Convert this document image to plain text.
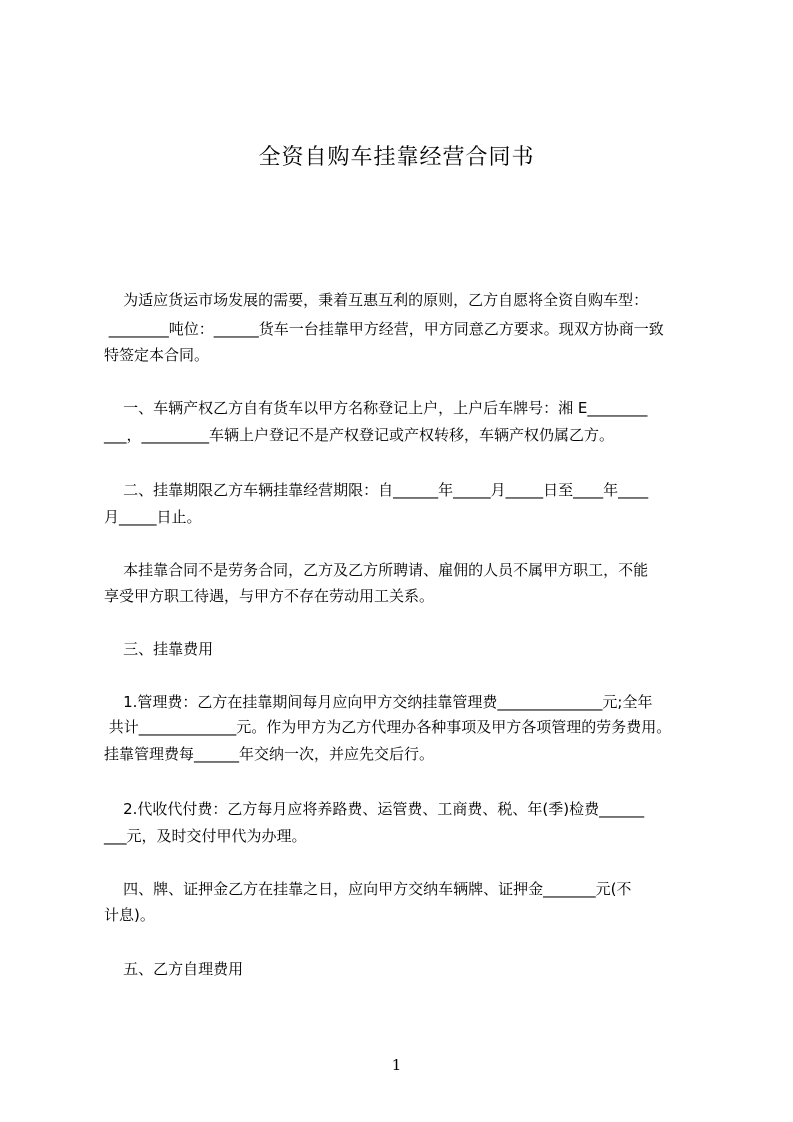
全资自购车挂靠经营合同书
为适应货运市场发展的需要，秉着互惠互利的原则，乙方自愿将全资自购车型：
________吨位：______货车一台挂靠甲方经营，甲方同意乙方要求。现双方协商一致
特签定本合同。
一、车辆产权乙方自有货车以甲方名称登记上户，上户后车牌号：湘 E________
___，_________车辆上户登记不是产权登记或产权转移，车辆产权仍属乙方。
二、挂靠期限乙方车辆挂靠经营期限：自______年_____月_____日至____年____
月_____日止。
本挂靠合同不是劳务合同，乙方及乙方所聘请、雇佣的人员不属甲方职工，不能
享受甲方职工待遇，与甲方不存在劳动用工关系。
三、挂靠费用
1.管理费：乙方在挂靠期间每月应向甲方交纳挂靠管理费______________元;全年
共计_____________元。作为甲方为乙方代理办各种事项及甲方各项管理的劳务费用。
挂靠管理费每______年交纳一次，并应先交后行。
2.代收代付费：乙方每月应将养路费、运管费、工商费、税、年(季)检费______
___元，及时交付甲代为办理。
四、牌、证押金乙方在挂靠之日，应向甲方交纳车辆牌、证押金_______元(不
计息)。
五、乙方自理费用
1
